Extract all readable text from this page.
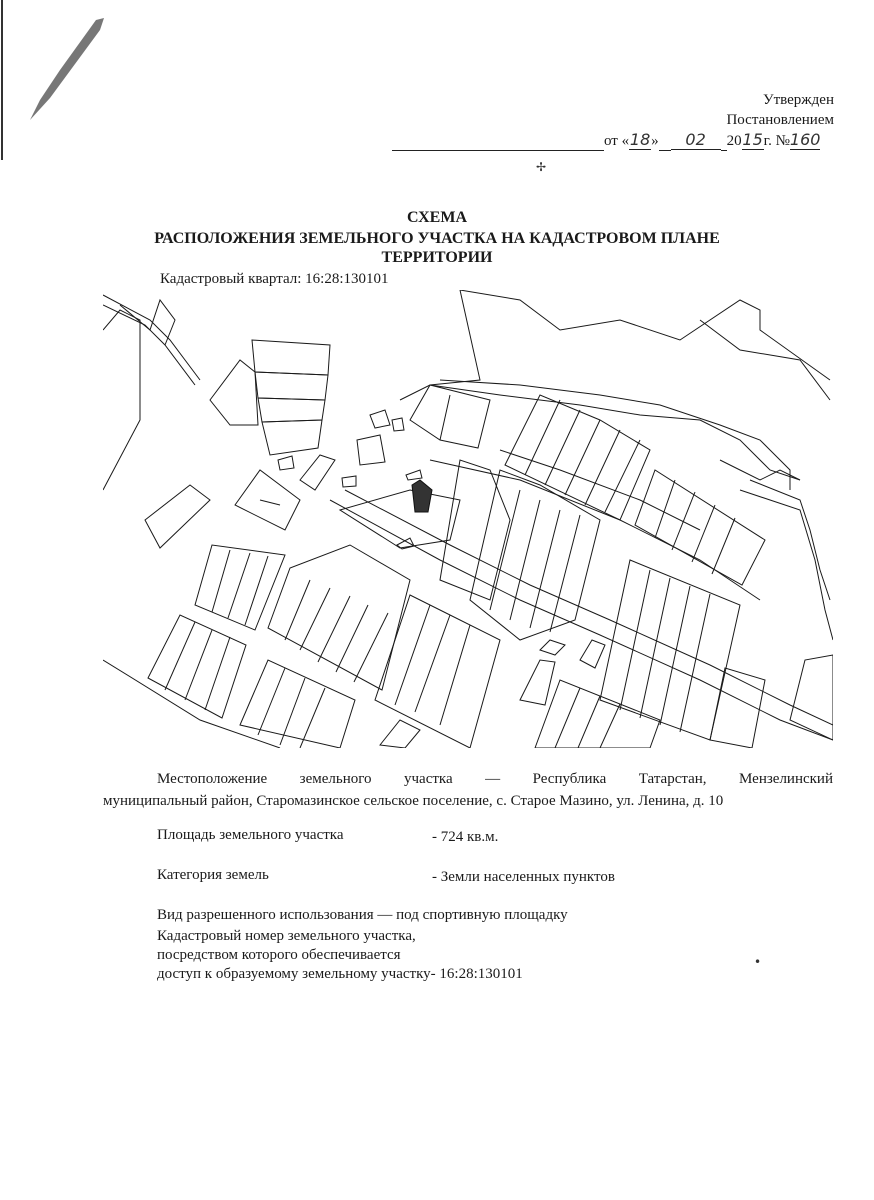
Утвержден
Постановлением
от «18» 02 2015г. №160
✢
СХЕМА
РАСПОЛОЖЕНИЯ ЗЕМЕЛЬНОГО УЧАСТКА НА КАДАСТРОВОМ ПЛАНЕ
ТЕРРИТОРИИ
Кадастровый квартал: 16:28:130101
Местоположение земельного участка — Республика Татарстан, Мензелинский
муниципальный район, Старомазинское сельское поселение, с. Старое Мазино, ул. Ленина, д. 10
Площадь земельного участка	- 724 кв.м.
Категория земель	- Земли населенных пунктов
Вид разрешенного использования — под спортивную площадку
Кадастровый номер земельного участка,
посредством которого обеспечивается
доступ к образуемому земельному участку- 16:28:130101
•
